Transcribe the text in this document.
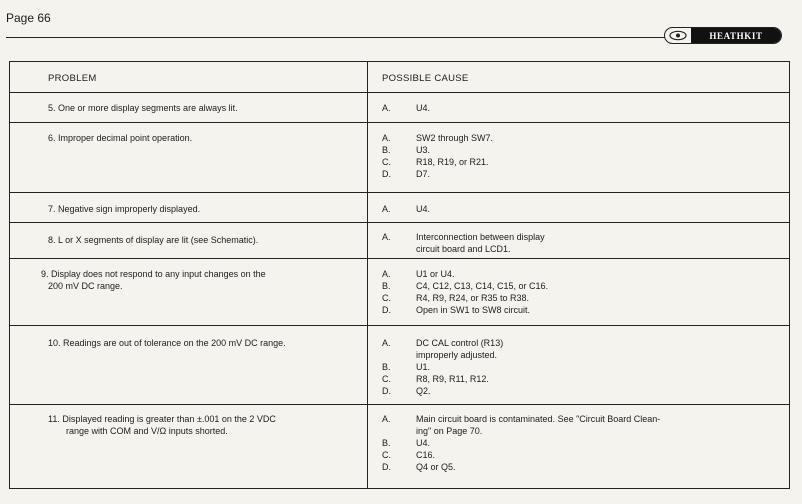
Page 66
HEATHKIT
PROBLEM	POSSIBLE CAUSE
5. One or more display segments are always lit.	A.	U4.
6. Improper decimal point operation.	A.	SW2 through SW7.
B.	U3.
C.	R18, R19, or R21.
D.	D7.
7. Negative sign improperly displayed.	A.	U4.
8. L or X segments of display are lit (see Schematic).	A.	Interconnection between display
circuit board and LCD1.
9. Display does not respond to any input changes on the
200 mV DC range.
A.	U1 or U4.
B.	C4, C12, C13, C14, C15, or C16.
C.	R4, R9, R24, or R35 to R38.
D.	Open in SW1 to SW8 circuit.
10. Readings are out of tolerance on the 200 mV DC range.	A.	DC CAL control (R13)
improperly adjusted.
B.	U1.
C.	R8, R9, R11, R12.
D.	Q2.
11. Displayed reading is greater than ±.001 on the 2 VDC
range with COM and V/Ω inputs shorted.
A.	Main circuit board is contaminated. See "Circuit Board Clean-
ing" on Page 70.
B.	U4.
C.	C16.
D.	Q4 or Q5.
